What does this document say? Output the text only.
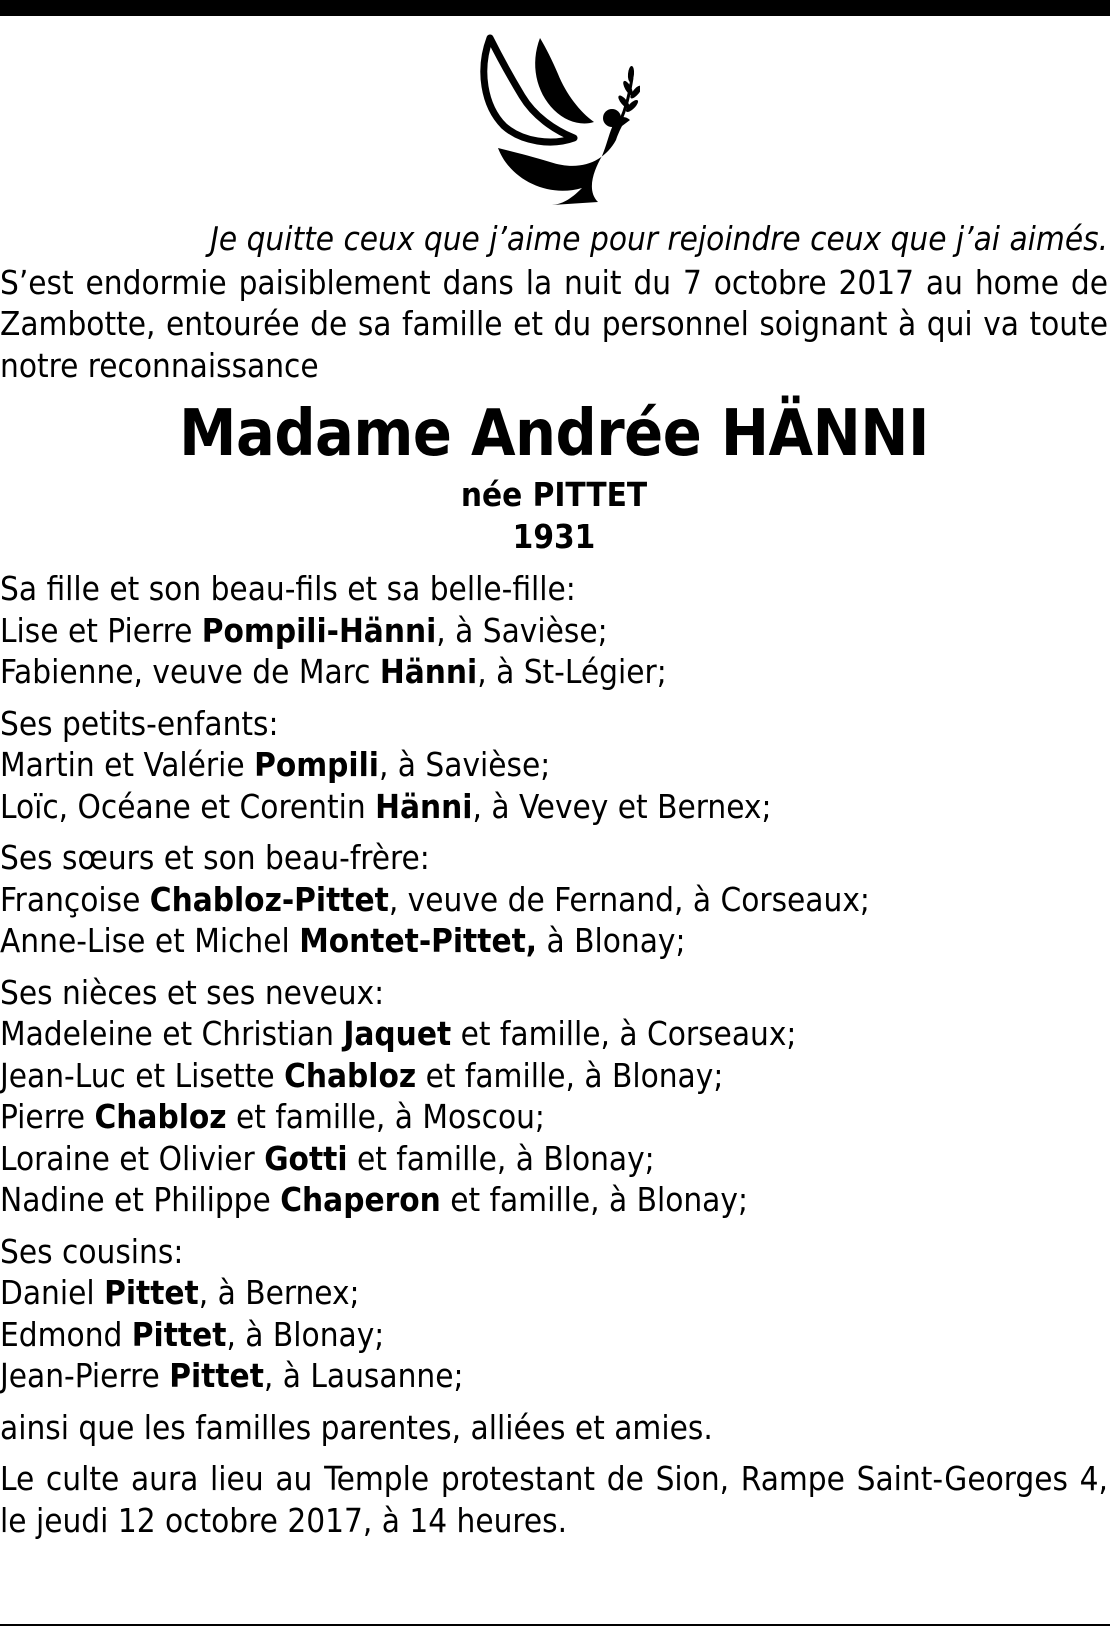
Je quitte ceux que j’aime pour rejoindre ceux que j’ai aimés.

S’est endormie paisiblement dans la nuit du 7 octobre 2017 au home de Zambotte, entourée de sa famille et du personnel soignant à qui va toute notre reconnaissance

Madame Andrée HÄNNI

née PITTET

1931

Sa fille et son beau-fils et sa belle-fille:
Lise et Pierre Pompili-Hänni, à Savièse;
Fabienne, veuve de Marc Hänni, à St-Légier;
Ses petits-enfants:
Martin et Valérie Pompili, à Savièse;
Loïc, Océane et Corentin Hänni, à Vevey et Bernex;
Ses sœurs et son beau-frère:
Françoise Chabloz-Pittet, veuve de Fernand, à Corseaux;
Anne-Lise et Michel Montet-Pittet, à Blonay;
Ses nièces et ses neveux:
Madeleine et Christian Jaquet et famille, à Corseaux;
Jean-Luc et Lisette Chabloz et famille, à Blonay;
Pierre Chabloz et famille, à Moscou;
Loraine et Olivier Gotti et famille, à Blonay;
Nadine et Philippe Chaperon et famille, à Blonay;
Ses cousins:
Daniel Pittet, à Bernex;
Edmond Pittet, à Blonay;
Jean-Pierre Pittet, à Lausanne;

ainsi que les familles parentes, alliées et amies.

Le culte aura lieu au Temple protestant de Sion, Rampe Saint-Georges 4, le jeudi 12 octobre 2017, à 14 heures.
